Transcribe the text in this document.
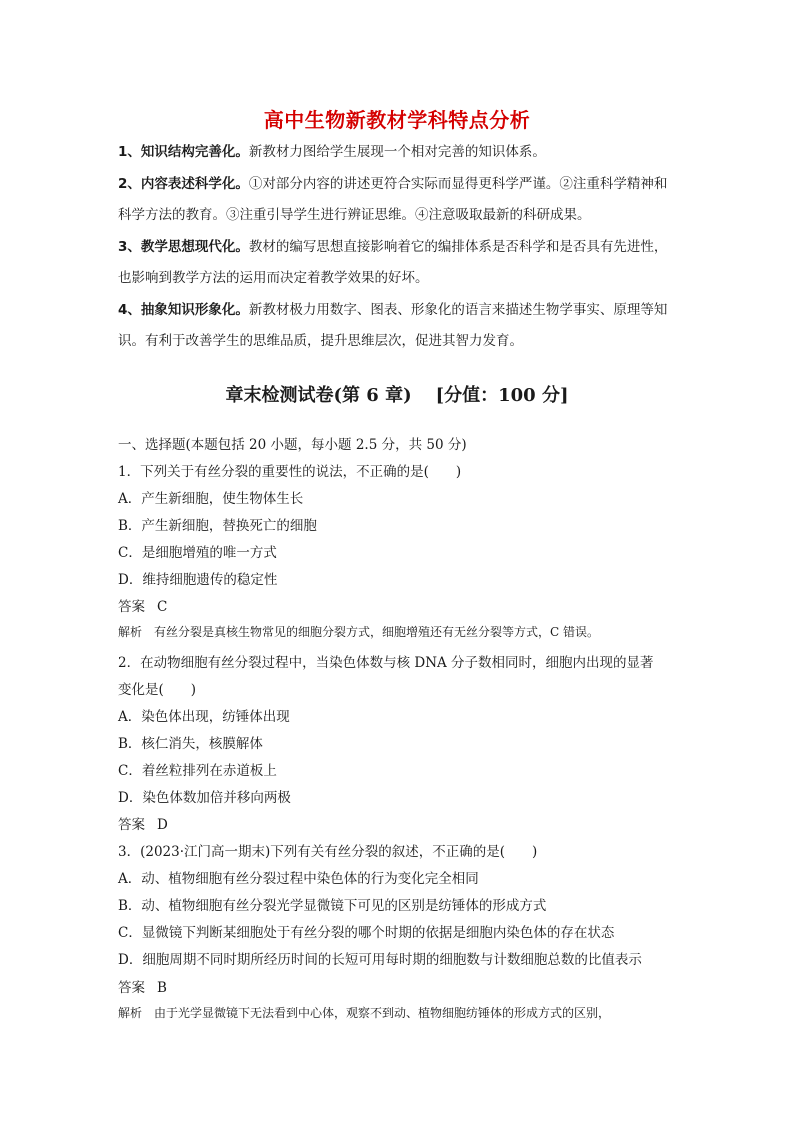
高中生物新教材学科特点分析
1、知识结构完善化。新教材力图给学生展现一个相对完善的知识体系。
2、内容表述科学化。①对部分内容的讲述更符合实际而显得更科学严谨。②注重科学精神和科学方法的教育。③注重引导学生进行辨证思维。④注意吸取最新的科研成果。
3、教学思想现代化。教材的编写思想直接影响着它的编排体系是否科学和是否具有先进性，也影响到教学方法的运用而决定着教学效果的好坏。
4、抽象知识形象化。新教材极力用数字、图表、形象化的语言来描述生物学事实、原理等知识。有利于改善学生的思维品质，提升思维层次，促进其智力发育。
章末检测试卷(第 6 章) [分值：100 分]
一、选择题(本题包括 20 小题，每小题 2.5 分，共 50 分)
1．下列关于有丝分裂的重要性的说法，不正确的是(　　)
A．产生新细胞，使生物体生长
B．产生新细胞，替换死亡的细胞
C．是细胞增殖的唯一方式
D．维持细胞遗传的稳定性
答案 C
解析 有丝分裂是真核生物常见的细胞分裂方式，细胞增殖还有无丝分裂等方式，C 错误。
2．在动物细胞有丝分裂过程中，当染色体数与核 DNA 分子数相同时，细胞内出现的显著
变化是(　　)
A．染色体出现，纺锤体出现
B．核仁消失，核膜解体
C．着丝粒排列在赤道板上
D．染色体数加倍并移向两极
答案 D
3．(2023·江门高一期末)下列有关有丝分裂的叙述，不正确的是(　　)
A．动、植物细胞有丝分裂过程中染色体的行为变化完全相同
B．动、植物细胞有丝分裂光学显微镜下可见的区别是纺锤体的形成方式
C．显微镜下判断某细胞处于有丝分裂的哪个时期的依据是细胞内染色体的存在状态
D．细胞周期不同时期所经历时间的长短可用每时期的细胞数与计数细胞总数的比值表示
答案 B
解析 由于光学显微镜下无法看到中心体，观察不到动、植物细胞纺锤体的形成方式的区别，
